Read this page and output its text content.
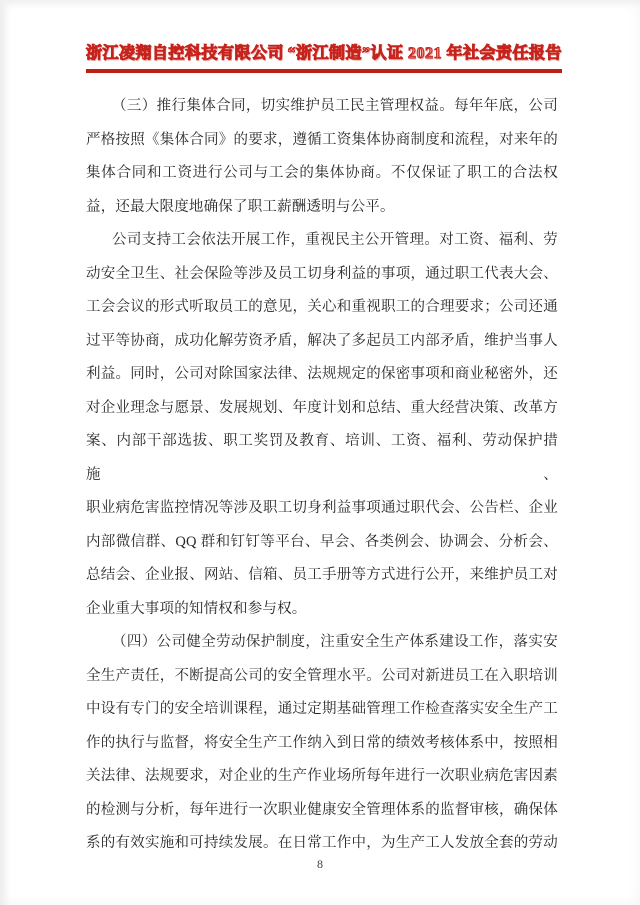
浙江凌翔自控科技有限公司 “浙江制造”认证 2021 年社会责任报告
（三）推行集体合同，切实维护员工民主管理权益。每年年底，公司
严格按照《集体合同》的要求，遵循工资集体协商制度和流程，对来年的
集体合同和工资进行公司与工会的集体协商。不仅保证了职工的合法权
益，还最大限度地确保了职工薪酬透明与公平。
公司支持工会依法开展工作，重视民主公开管理。对工资、福利、劳
动安全卫生、社会保险等涉及员工切身利益的事项，通过职工代表大会、
工会会议的形式听取员工的意见，关心和重视职工的合理要求；公司还通
过平等协商，成功化解劳资矛盾，解决了多起员工内部矛盾，维护当事人
利益。同时，公司对除国家法律、法规规定的保密事项和商业秘密外，还
对企业理念与愿景、发展规划、年度计划和总结、重大经营决策、改革方
案、内部干部选拔、职工奖罚及教育、培训、工资、福利、劳动保护措施、
职业病危害监控情况等涉及职工切身利益事项通过职代会、公告栏、企业
内部微信群、QQ 群和钉钉等平台、早会、各类例会、协调会、分析会、
总结会、企业报、网站、信箱、员工手册等方式进行公开，来维护员工对
企业重大事项的知情权和参与权。
（四）公司健全劳动保护制度，注重安全生产体系建设工作，落实安
全生产责任，不断提高公司的安全管理水平。公司对新进员工在入职培训
中设有专门的安全培训课程，通过定期基础管理工作检查落实安全生产工
作的执行与监督，将安全生产工作纳入到日常的绩效考核体系中，按照相
关法律、法规要求，对企业的生产作业场所每年进行一次职业病危害因素
的检测与分析，每年进行一次职业健康安全管理体系的监督审核，确保体
系的有效实施和可持续发展。在日常工作中，为生产工人发放全套的劳动
8
